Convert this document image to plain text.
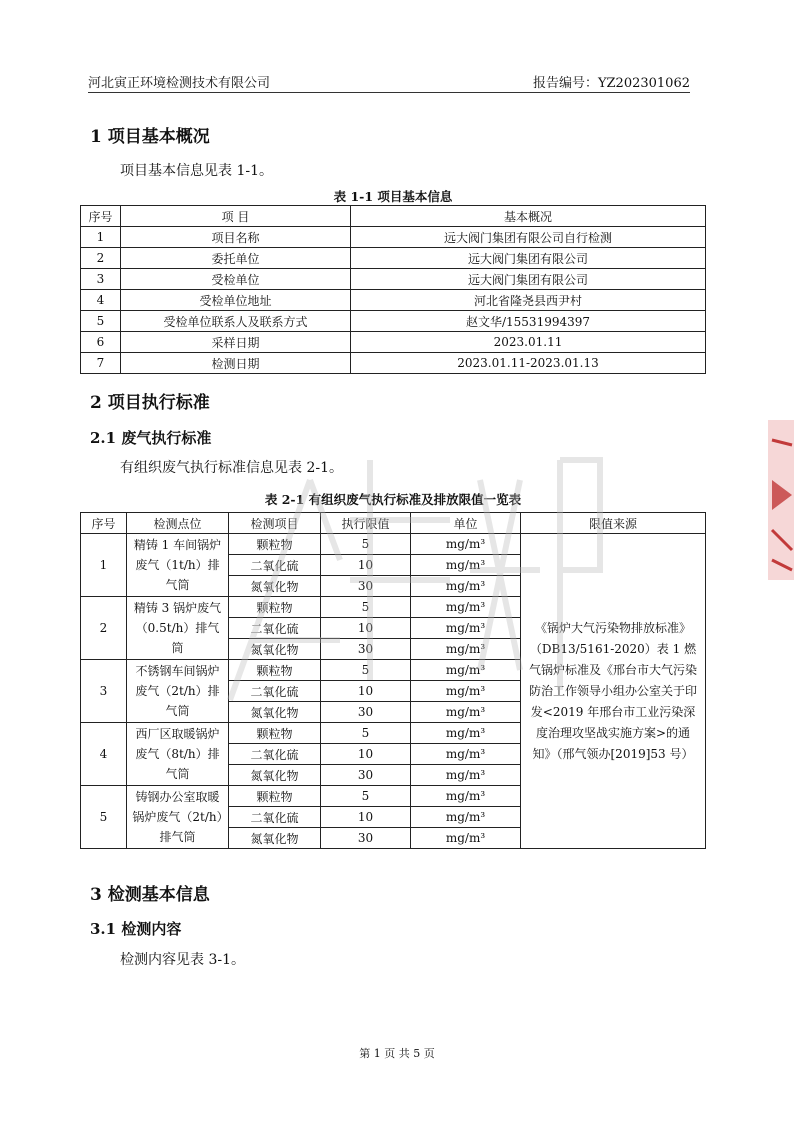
河北寅正环境检测技术有限公司	报告编号：YZ202301062
1 项目基本概况
项目基本信息见表 1-1。
表 1-1 项目基本信息
序号	项 目	基本概况
1	项目名称	远大阀门集团有限公司自行检测
2	委托单位	远大阀门集团有限公司
3	受检单位	远大阀门集团有限公司
4	受检单位地址	河北省隆尧县西尹村
5	受检单位联系人及联系方式	赵文华/15531994397
6	采样日期	2023.01.11
7	检测日期	2023.01.11-2023.01.13
2 项目执行标准
2.1 废气执行标准
有组织废气执行标准信息见表 2-1。
表 2-1 有组织废气执行标准及排放限值一览表
序号	检测点位	检测项目	执行限值	单位	限值来源
1	精铸 1 车间锅炉废气（1t/h）排气筒	颗粒物	5	mg/m³	《锅炉大气污染物排放标准》（DB13/5161-2020）表 1 燃气锅炉标准及《邢台市大气污染防治工作领导小组办公室关于印发<2019 年邢台市工业污染深度治理攻坚战实施方案>的通知》（邢气领办[2019]53 号）
		二氧化硫	10	mg/m³	
		氮氧化物	30	mg/m³	
2	精铸 3 锅炉废气（0.5t/h）排气筒	颗粒物	5	mg/m³	
		二氧化硫	10	mg/m³	
		氮氧化物	30	mg/m³	
3	不锈钢车间锅炉废气（2t/h）排气筒	颗粒物	5	mg/m³	
		二氧化硫	10	mg/m³	
		氮氧化物	30	mg/m³	
4	西厂区取暖锅炉废气（8t/h）排气筒	颗粒物	5	mg/m³	
		二氧化硫	10	mg/m³	
		氮氧化物	30	mg/m³	
5	铸钢办公室取暖锅炉废气（2t/h）排气筒	颗粒物	5	mg/m³	
		二氧化硫	10	mg/m³	
		氮氧化物	30	mg/m³	
3 检测基本信息
3.1 检测内容
检测内容见表 3-1。
第 1 页 共 5 页
